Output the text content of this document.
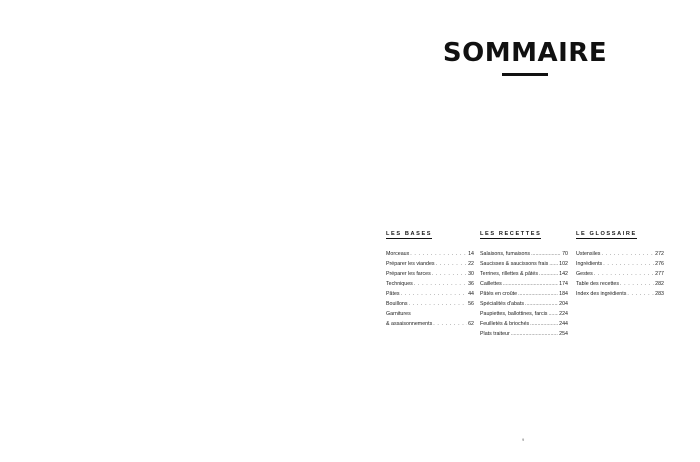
SOMMAIRE
LES BASES
Morceaux . . .	14
Préparer les viandes . . .	22
Préparer les farces . . .	30
Techniques . . .	36
Pâtes . . .	44
Bouillons . . .	56
Garnitures
& assaisonnements . . .	62
LES RECETTES
Salaisons, fumaisons .....	70
Saucisses & saucissons frais ..... 102
Terrines, rillettes & pâtés .....	142
Caillettes .....	174
Pâtés en croûte .....	184
Spécialités d'abats .....	204
Paupiettes, ballottines, farcis ..... 224
Feuilletés & briochés .....	244
Plats traiteur .....	254
LE GLOSSAIRE
Ustensiles . . .	272
Ingrédients . . .	276
Gestes . . .	277
Table des recettes . . .	282
Index des ingrédients . . .	283
9
